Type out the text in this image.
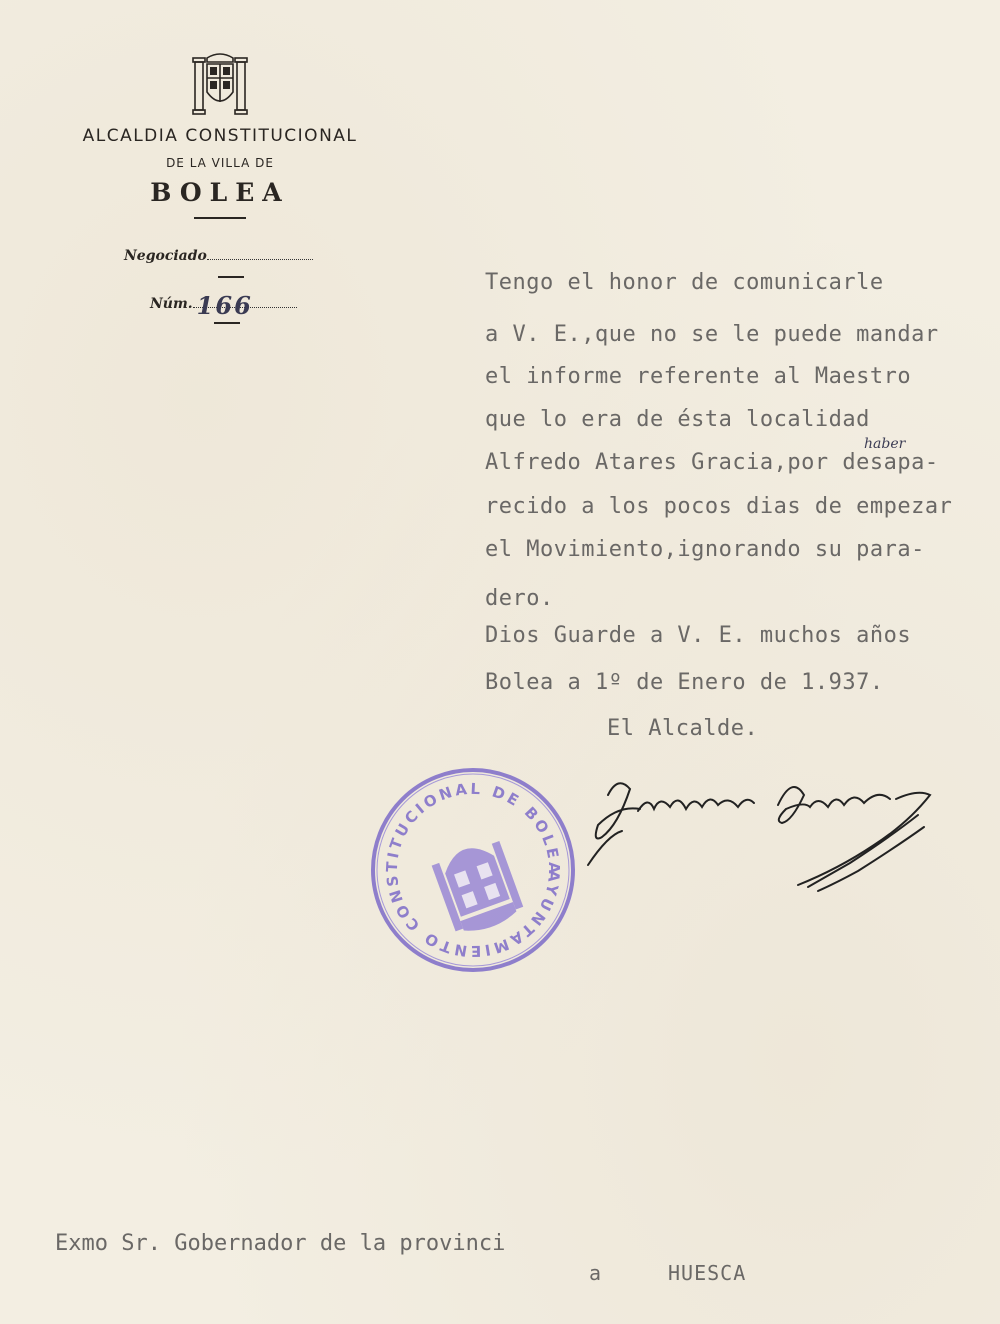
ALCALDIA CONSTITUCIONAL
DE LA VILLA DE
BOLEA
Negociado
Núm. 166
Tengo el honor de comunicarle
a V. E.,que no se le puede mandar
el informe referente al Maestro
que lo era de ésta localidad
Alfredo Atares Gracia,por desapa-
haber
recido a los pocos dias de empezar
el Movimiento,ignorando su para-
dero.
Dios Guarde a V. E. muchos años
Bolea a 1º de Enero de 1.937.
El Alcalde.
AYUNTAMIENTO CONSTITUCIONAL DE BOLEA
Exmo Sr. Gobernador de la provinci
a	HUESCA
